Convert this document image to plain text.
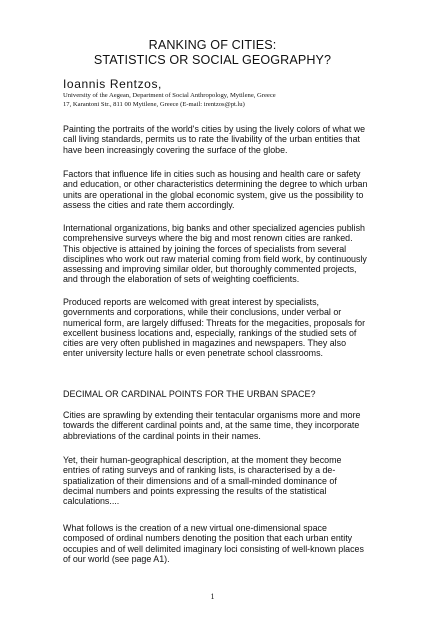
RANKING OF CITIES:
STATISTICS OR SOCIAL GEOGRAPHY?
Ioannis Rentzos,
University of the Aegean, Department of Social Anthropology, Mytilene, Greece
17, Karantoni Str., 811 00 Mytilene, Greece (E-mail: irentzos@pt.lu)
Painting the portraits of the world's cities by using the lively colors of what we
call living standards, permits us to rate the livability of the urban entities that
have been increasingly covering the surface of the globe.
Factors that influence life in cities such as housing and health care or safety
and education, or other characteristics determining the degree to which urban
units are operational in the global economic system, give us the possibility to
assess the cities and rate them accordingly.
International organizations, big banks and other specialized agencies publish
comprehensive surveys where the big and most renown cities are ranked.
This objective is attained by joining the forces of specialists from several
disciplines who work out raw material coming from field work, by continuously
assessing and improving similar older, but thoroughly commented projects,
and through the elaboration of sets of weighting coefficients.
Produced reports are welcomed with great interest by specialists,
governments and corporations, while their conclusions, under verbal or
numerical form, are largely diffused: Threats for the megacities, proposals for
excellent business locations and, especially, rankings of the studied sets of
cities are very often published in magazines and newspapers. They also
enter university lecture halls or even penetrate school classrooms.
DECIMAL OR CARDINAL POINTS FOR THE URBAN SPACE?
Cities are sprawling by extending their tentacular organisms more and more
towards the different cardinal points and, at the same time, they incorporate
abbreviations of the cardinal points in their names.
Yet, their human-geographical description, at the moment they become
entries of rating surveys and of ranking lists, is characterised by a de-
spatialization of their dimensions and of a small-minded dominance of
decimal numbers and points expressing the results of the statistical
calculations....
What follows is the creation of a new virtual one-dimensional space
composed of ordinal numbers denoting the position that each urban entity
occupies and of well delimited imaginary loci consisting of well-known places
of our world (see page A1).
1
